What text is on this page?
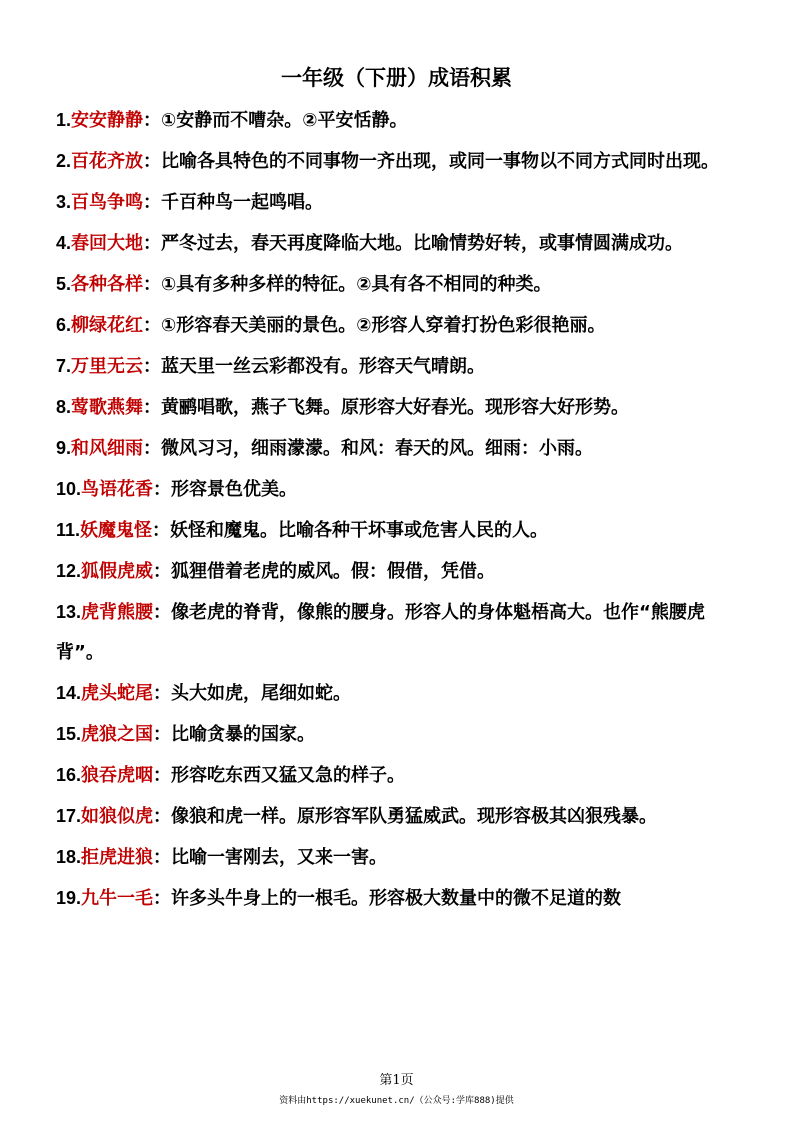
一年级（下册）成语积累

1.安安静静：①安静而不嘈杂。②平安恬静。

2.百花齐放：比喻各具特色的不同事物一齐出现，或同一事物以不同方式同时出现。

3.百鸟争鸣：千百种鸟一起鸣唱。

4.春回大地：严冬过去，春天再度降临大地。比喻情势好转，或事情圆满成功。

5.各种各样：①具有多种多样的特征。②具有各不相同的种类。

6.柳绿花红：①形容春天美丽的景色。②形容人穿着打扮色彩很艳丽。

7.万里无云：蓝天里一丝云彩都没有。形容天气晴朗。

8.莺歌燕舞：黄鹂唱歌，燕子飞舞。原形容大好春光。现形容大好形势。

9.和风细雨：微风习习，细雨濛濛。和风：春天的风。细雨：小雨。

10.鸟语花香：形容景色优美。

11.妖魔鬼怪：妖怪和魔鬼。比喻各种干坏事或危害人民的人。

12.狐假虎威：狐狸借着老虎的威风。假：假借，凭借。

13.虎背熊腰：像老虎的脊背，像熊的腰身。形容人的身体魁梧高大。也作“熊腰虎背”。

14.虎头蛇尾：头大如虎，尾细如蛇。

15.虎狼之国：比喻贪暴的国家。

16.狼吞虎咽：形容吃东西又猛又急的样子。

17.如狼似虎：像狼和虎一样。原形容军队勇猛威武。现形容极其凶狠残暴。

18.拒虎进狼：比喻一害刚去，又来一害。

19.九牛一毛：许多头牛身上的一根毛。形容极大数量中的微不足道的数

第1页
资料由https://xuekunet.cn/（公众号:学库888)提供
